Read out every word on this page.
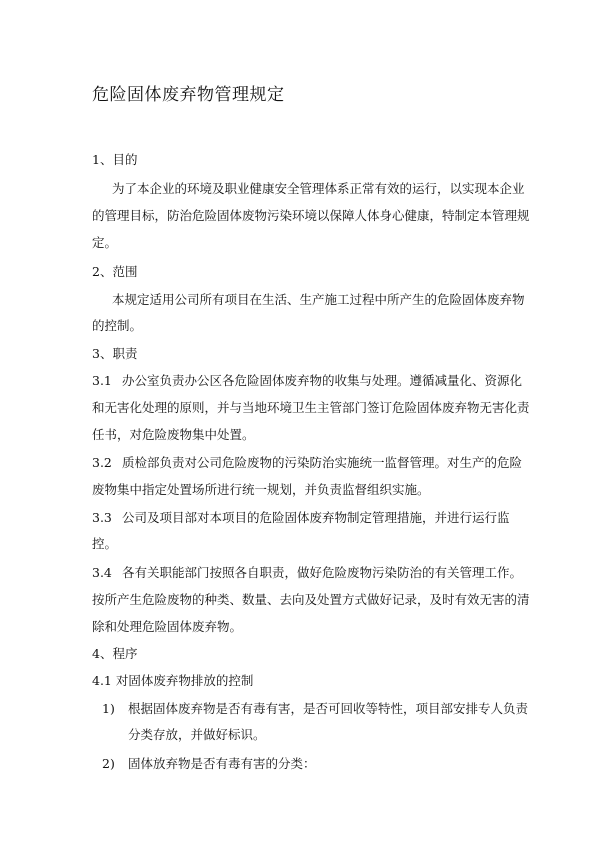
危险固体废弃物管理规定
1、目的
为了本企业的环境及职业健康安全管理体系正常有效的运行，以实现本企业
的管理目标，防治危险固体废物污染环境以保障人体身心健康，特制定本管理规
定。
2、范围
本规定适用公司所有项目在生活、生产施工过程中所产生的危险固体废弃物
的控制。
3、职责
3.1 办公室负责办公区各危险固体废弃物的收集与处理。遵循减量化、资源化
和无害化处理的原则，并与当地环境卫生主管部门签订危险固体废弃物无害化责
任书，对危险废物集中处置。
3.2 质检部负责对公司危险废物的污染防治实施统一监督管理。对生产的危险
废物集中指定处置场所进行统一规划，并负责监督组织实施。
3.3 公司及项目部对本项目的危险固体废弃物制定管理措施，并进行运行监
控。
3.4 各有关职能部门按照各自职责，做好危险废物污染防治的有关管理工作。
按所产生危险废物的种类、数量、去向及处置方式做好记录，及时有效无害的清
除和处理危险固体废弃物。
4、程序
4.1 对固体废弃物排放的控制
1) 根据固体废弃物是否有毒有害，是否可回收等特性，项目部安排专人负责
分类存放，并做好标识。
2) 固体放弃物是否有毒有害的分类：
